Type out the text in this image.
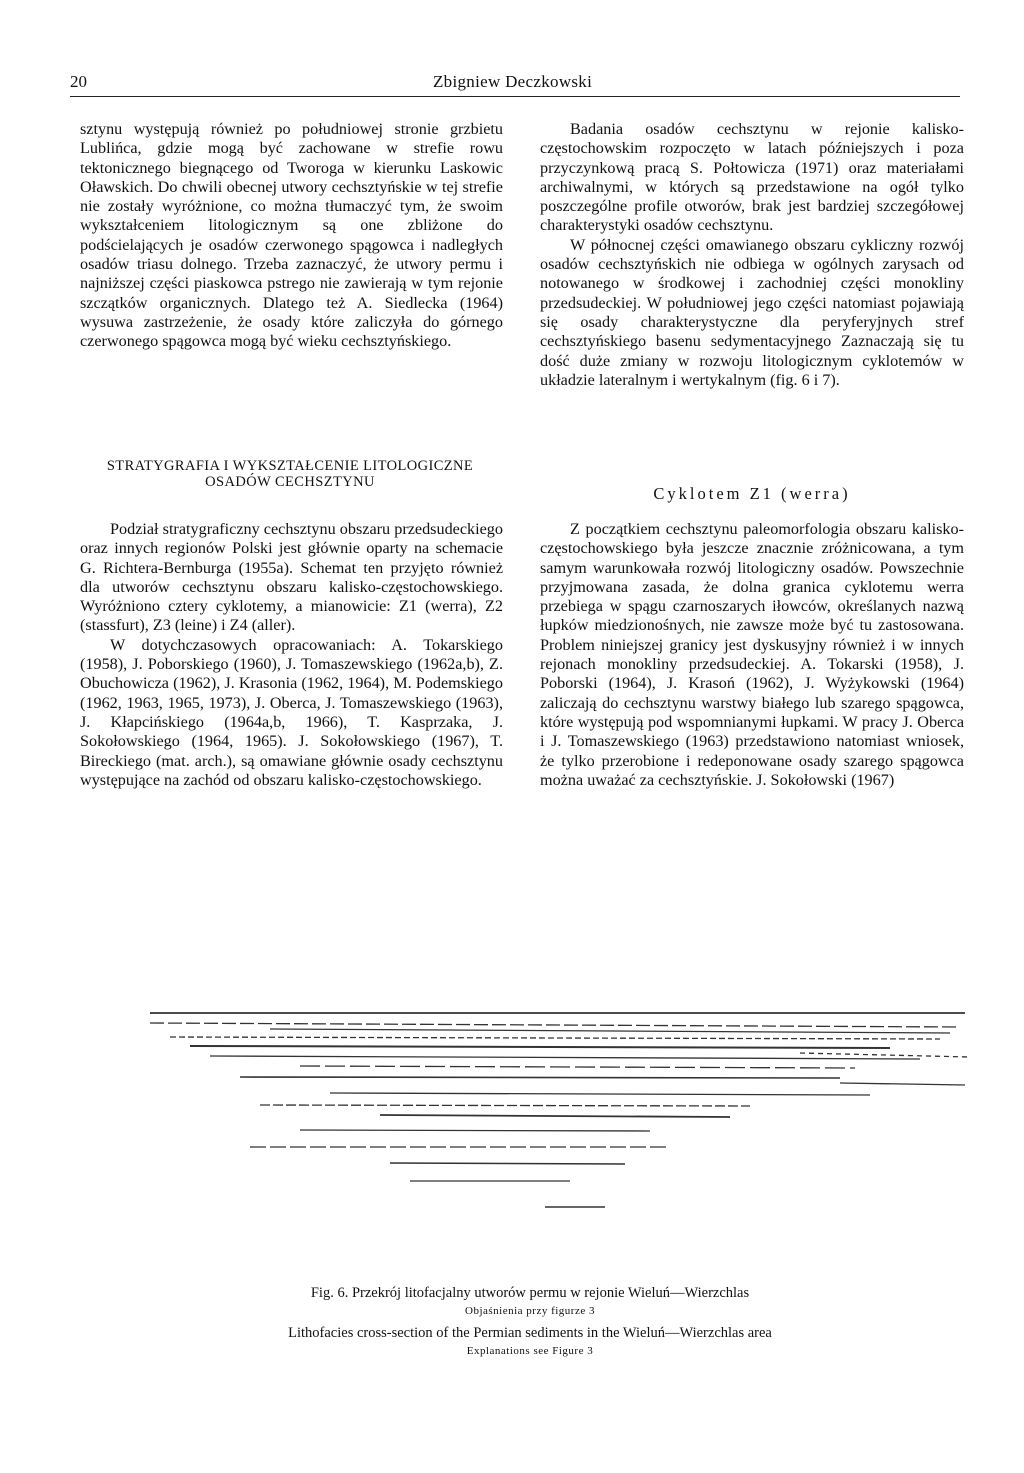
20	Zbigniew Deczkowski

sztynu występują również po południowej stronie grzbietu Lublińca, gdzie mogą być zachowane w strefie rowu tektonicznego biegnącego od Tworoga w kierunku Laskowic Oławskich. Do chwili obecnej utwory cechsztyńskie w tej strefie nie zostały wyróżnione, co można tłumaczyć tym, że swoim wykształceniem litologicznym są one zbliżone do podścielających je osadów czerwonego spągowca i nadległych osadów triasu dolnego. Trzeba zaznaczyć, że utwory permu i najniższej części piaskowca pstrego nie zawierają w tym rejonie szczątków organicznych. Dlatego też A. Siedlecka (1964) wysuwa zastrzeżenie, że osady które zaliczyła do górnego czerwonego spągowca mogą być wieku cechsztyńskiego.

STRATYGRAFIA I WYKSZTAŁCENIE LITOLOGICZNE
OSADÓW CECHSZTYNU

Podział stratygraficzny cechsztynu obszaru przedsudeckiego oraz innych regionów Polski jest głównie oparty na schemacie G. Richtera-Bernburga (1955a). Schemat ten przyjęto również dla utworów cechsztynu obszaru kalisko-częstochowskiego. Wyróżniono cztery cyklotemy, a mianowicie: Z1 (werra), Z2 (stassfurt), Z3 (leine) i Z4 (aller).

W dotychczasowych opracowaniach: A. Tokarskiego (1958), J. Poborskiego (1960), J. Tomaszewskiego (1962a,b), Z. Obuchowicza (1962), J. Krasonia (1962, 1964), M. Podemskiego (1962, 1963, 1965, 1973), J. Oberca, J. Tomaszewskiego (1963), J. Kłapcińskiego (1964a,b, 1966), T. Kasprzaka, J. Sokołowskiego (1964, 1965). J. Sokołowskiego (1967), T. Bireckiego (mat. arch.), są omawiane głównie osady cechsztynu występujące na zachód od obszaru kalisko-częstochowskiego.

Badania osadów cechsztynu w rejonie kalisko-częstochowskim rozpoczęto w latach późniejszych i poza przyczynkową pracą S. Połtowicza (1971) oraz materiałami archiwalnymi, w których są przedstawione na ogół tylko poszczególne profile otworów, brak jest bardziej szczegółowej charakterystyki osadów cechsztynu.

W północnej części omawianego obszaru cykliczny rozwój osadów cechsztyńskich nie odbiega w ogólnych zarysach od notowanego w środkowej i zachodniej części monokliny przedsudeckiej. W południowej jego części natomiast pojawiają się osady charakterystyczne dla peryferyjnych stref cechsztyńskiego basenu sedymentacyjnego Zaznaczają się tu dość duże zmiany w rozwoju litologicznym cyklotemów w układzie lateralnym i wertykalnym (fig. 6 i 7).

Cyklotem Z1 (werra)

Z początkiem cechsztynu paleomorfologia obszaru kalisko-częstochowskiego była jeszcze znacznie zróżnicowana, a tym samym warunkowała rozwój litologiczny osadów. Powszechnie przyjmowana zasada, że dolna granica cyklotemu werra przebiega w spągu czarnoszarych iłowców, określanych nazwą łupków miedzionośnych, nie zawsze może być tu zastosowana. Problem niniejszej granicy jest dyskusyjny również i w innych rejonach monokliny przedsudeckiej. A. Tokarski (1958), J. Poborski (1964), J. Krasoń (1962), J. Wyżykowski (1964) zaliczają do cechsztynu warstwy białego lub szarego spągowca, które występują pod wspomnianymi łupkami. W pracy J. Oberca i J. Tomaszewskiego (1963) przedstawiono natomiast wniosek, że tylko przerobione i redeponowane osady szarego spągowca można uważać za cechsztyńskie. J. Sokołowski (1967)

Fig. 6. Przekrój litofacjalny utworów permu w rejonie Wieluń—Wierzchlas
Objaśnienia przy figurze 3
Lithofacies cross-section of the Permian sediments in the Wieluń—Wierzchlas area
Explanations see Figure 3
